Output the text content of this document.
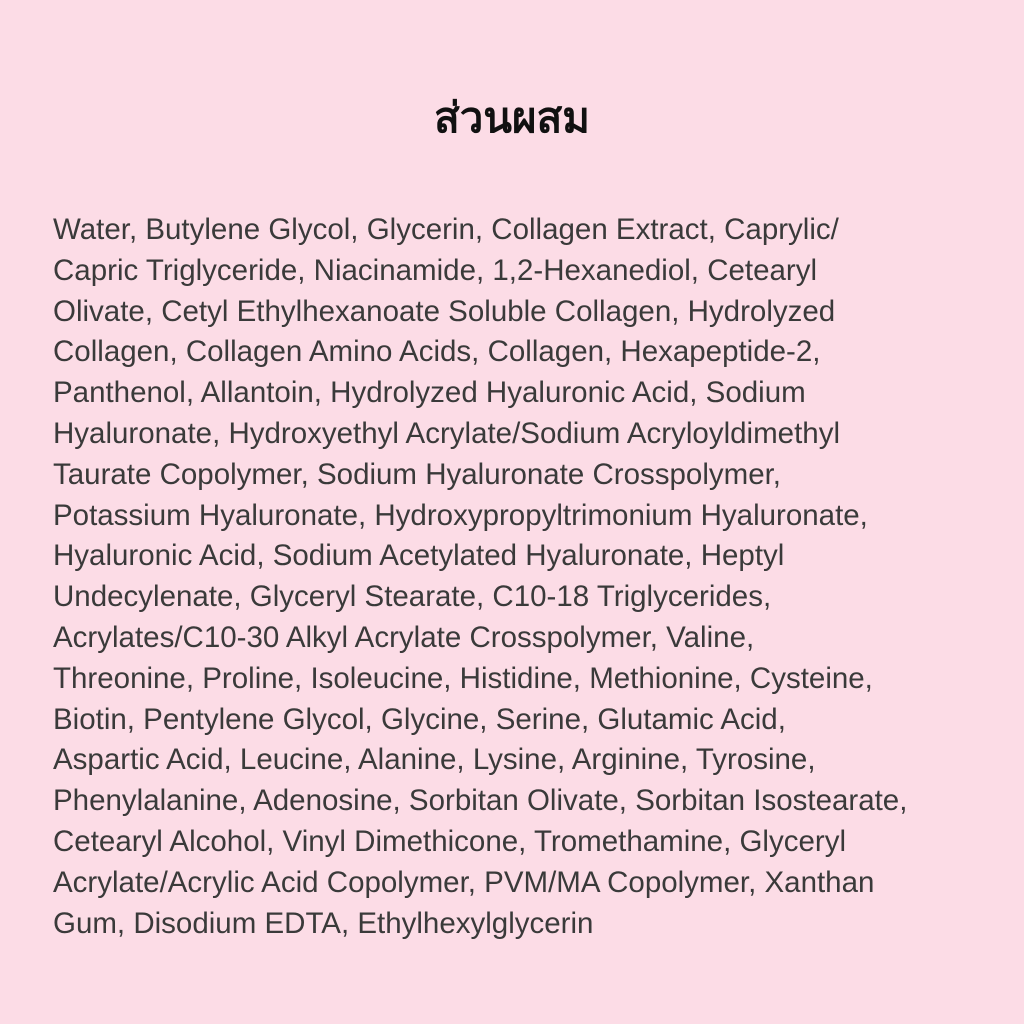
ส่วนผสม
Water, Butylene Glycol, Glycerin, Collagen Extract, Caprylic/
Capric Triglyceride, Niacinamide, 1,2-Hexanediol, Cetearyl
Olivate, Cetyl Ethylhexanoate Soluble Collagen, Hydrolyzed
Collagen, Collagen Amino Acids, Collagen, Hexapeptide-2,
Panthenol, Allantoin, Hydrolyzed Hyaluronic Acid, Sodium
Hyaluronate, Hydroxyethyl Acrylate/Sodium Acryloyldimethyl
Taurate Copolymer, Sodium Hyaluronate Crosspolymer,
Potassium Hyaluronate, Hydroxypropyltrimonium Hyaluronate,
Hyaluronic Acid, Sodium Acetylated Hyaluronate, Heptyl
Undecylenate, Glyceryl Stearate, C10-18 Triglycerides,
Acrylates/C10-30 Alkyl Acrylate Crosspolymer, Valine,
Threonine, Proline, Isoleucine, Histidine, Methionine, Cysteine,
Biotin, Pentylene Glycol, Glycine, Serine, Glutamic Acid,
Aspartic Acid, Leucine, Alanine, Lysine, Arginine, Tyrosine,
Phenylalanine, Adenosine, Sorbitan Olivate, Sorbitan Isostearate,
Cetearyl Alcohol, Vinyl Dimethicone, Tromethamine, Glyceryl
Acrylate/Acrylic Acid Copolymer, PVM/MA Copolymer, Xanthan
Gum, Disodium EDTA, Ethylhexylglycerin
